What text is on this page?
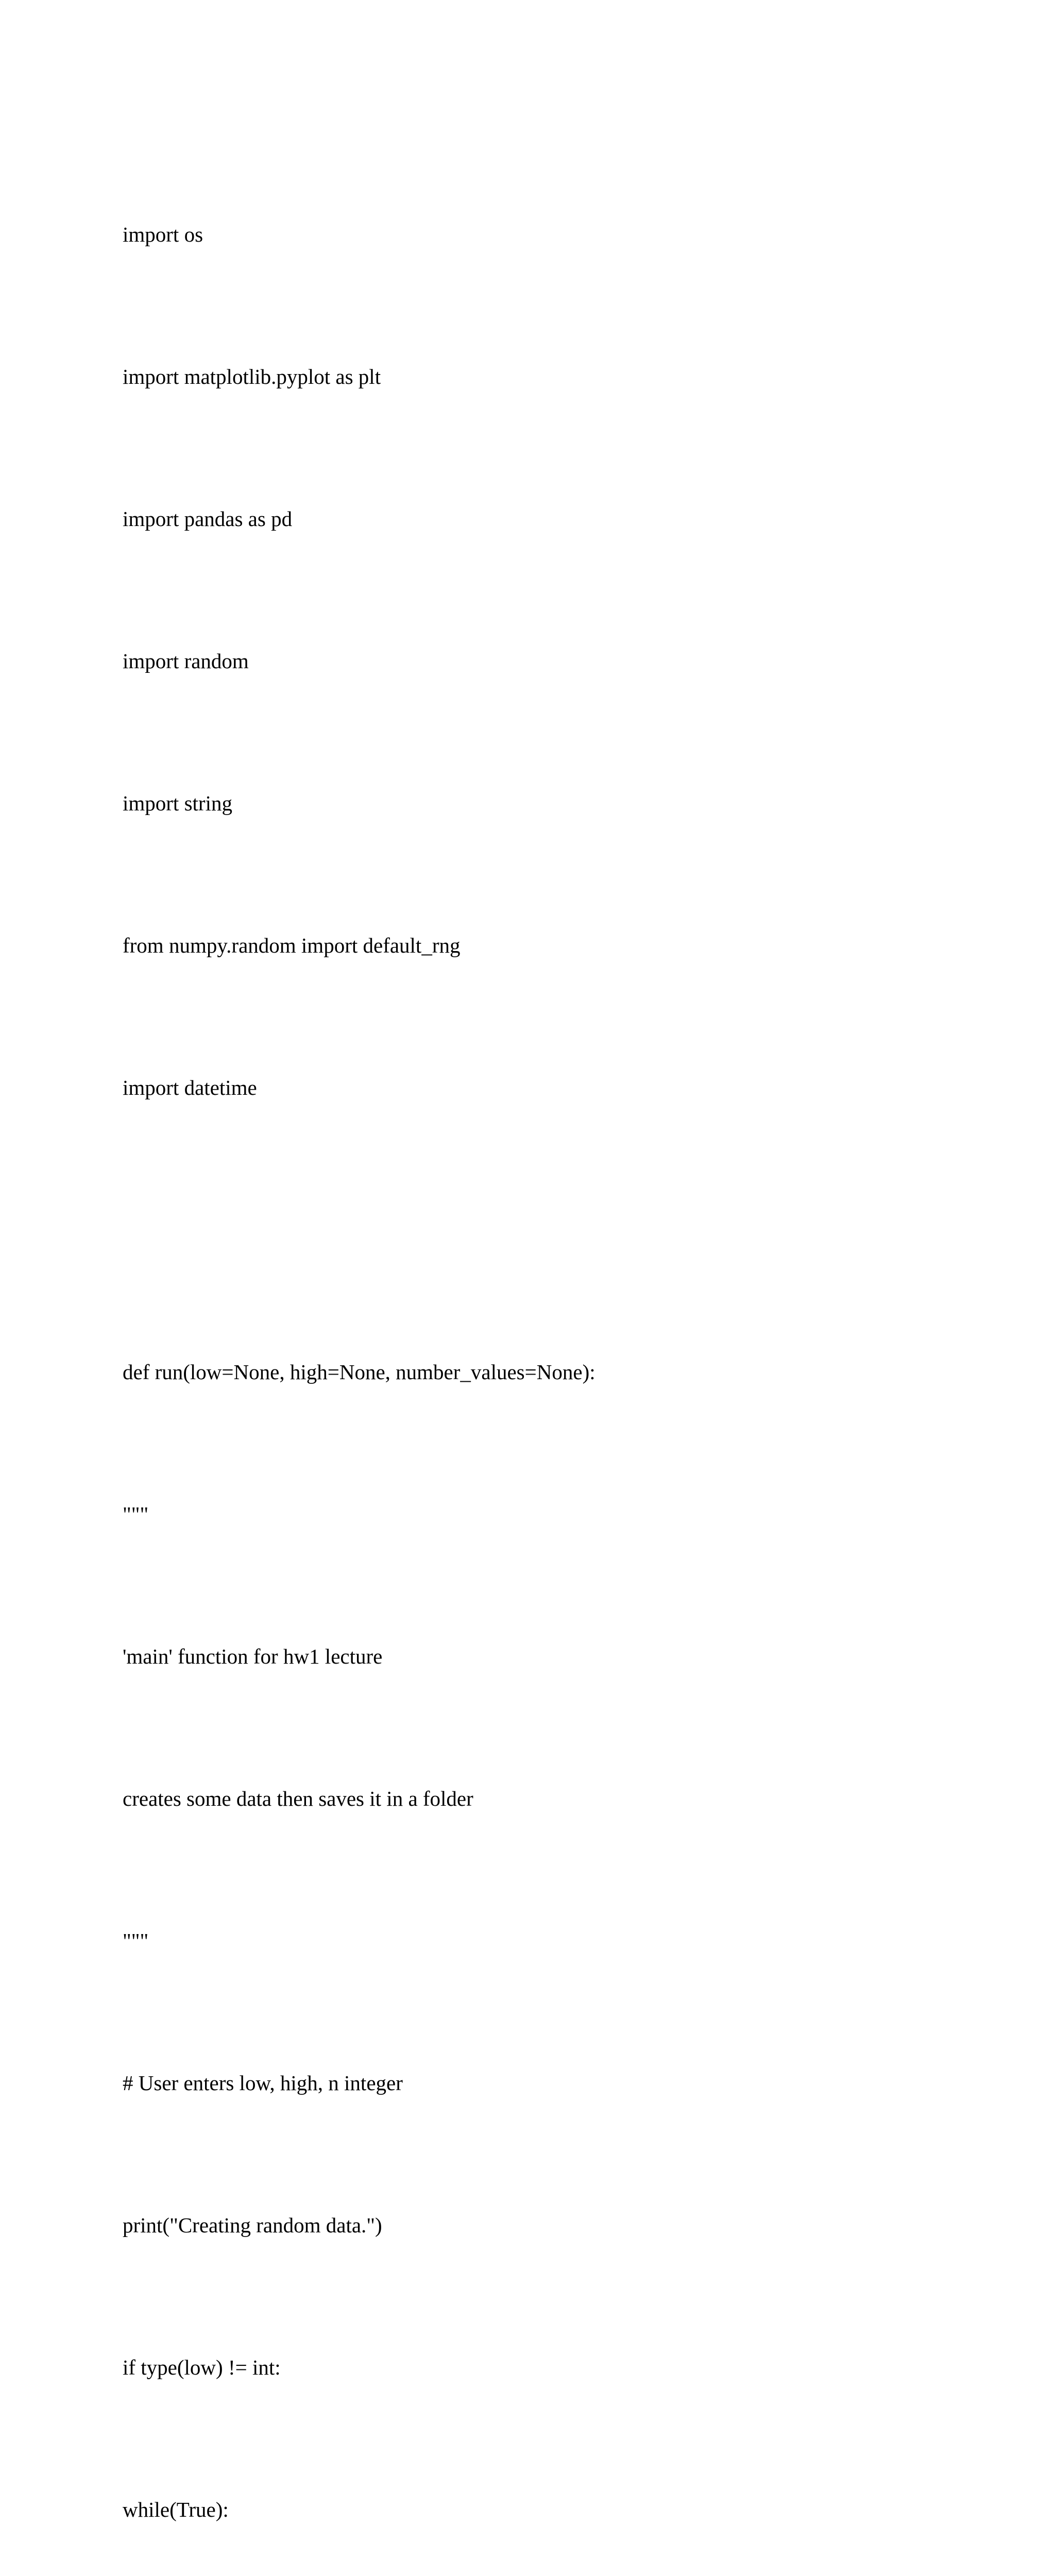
import os

import matplotlib.pyplot as plt

import pandas as pd

import random

import string

from numpy.random import default_rng

import datetime

def run(low=None, high=None, number_values=None):

"""

'main' function for hw1 lecture

creates some data then saves it in a folder

"""

# User enters low, high, n integer

print("Creating random data.")

if type(low) != int:

while(True):
